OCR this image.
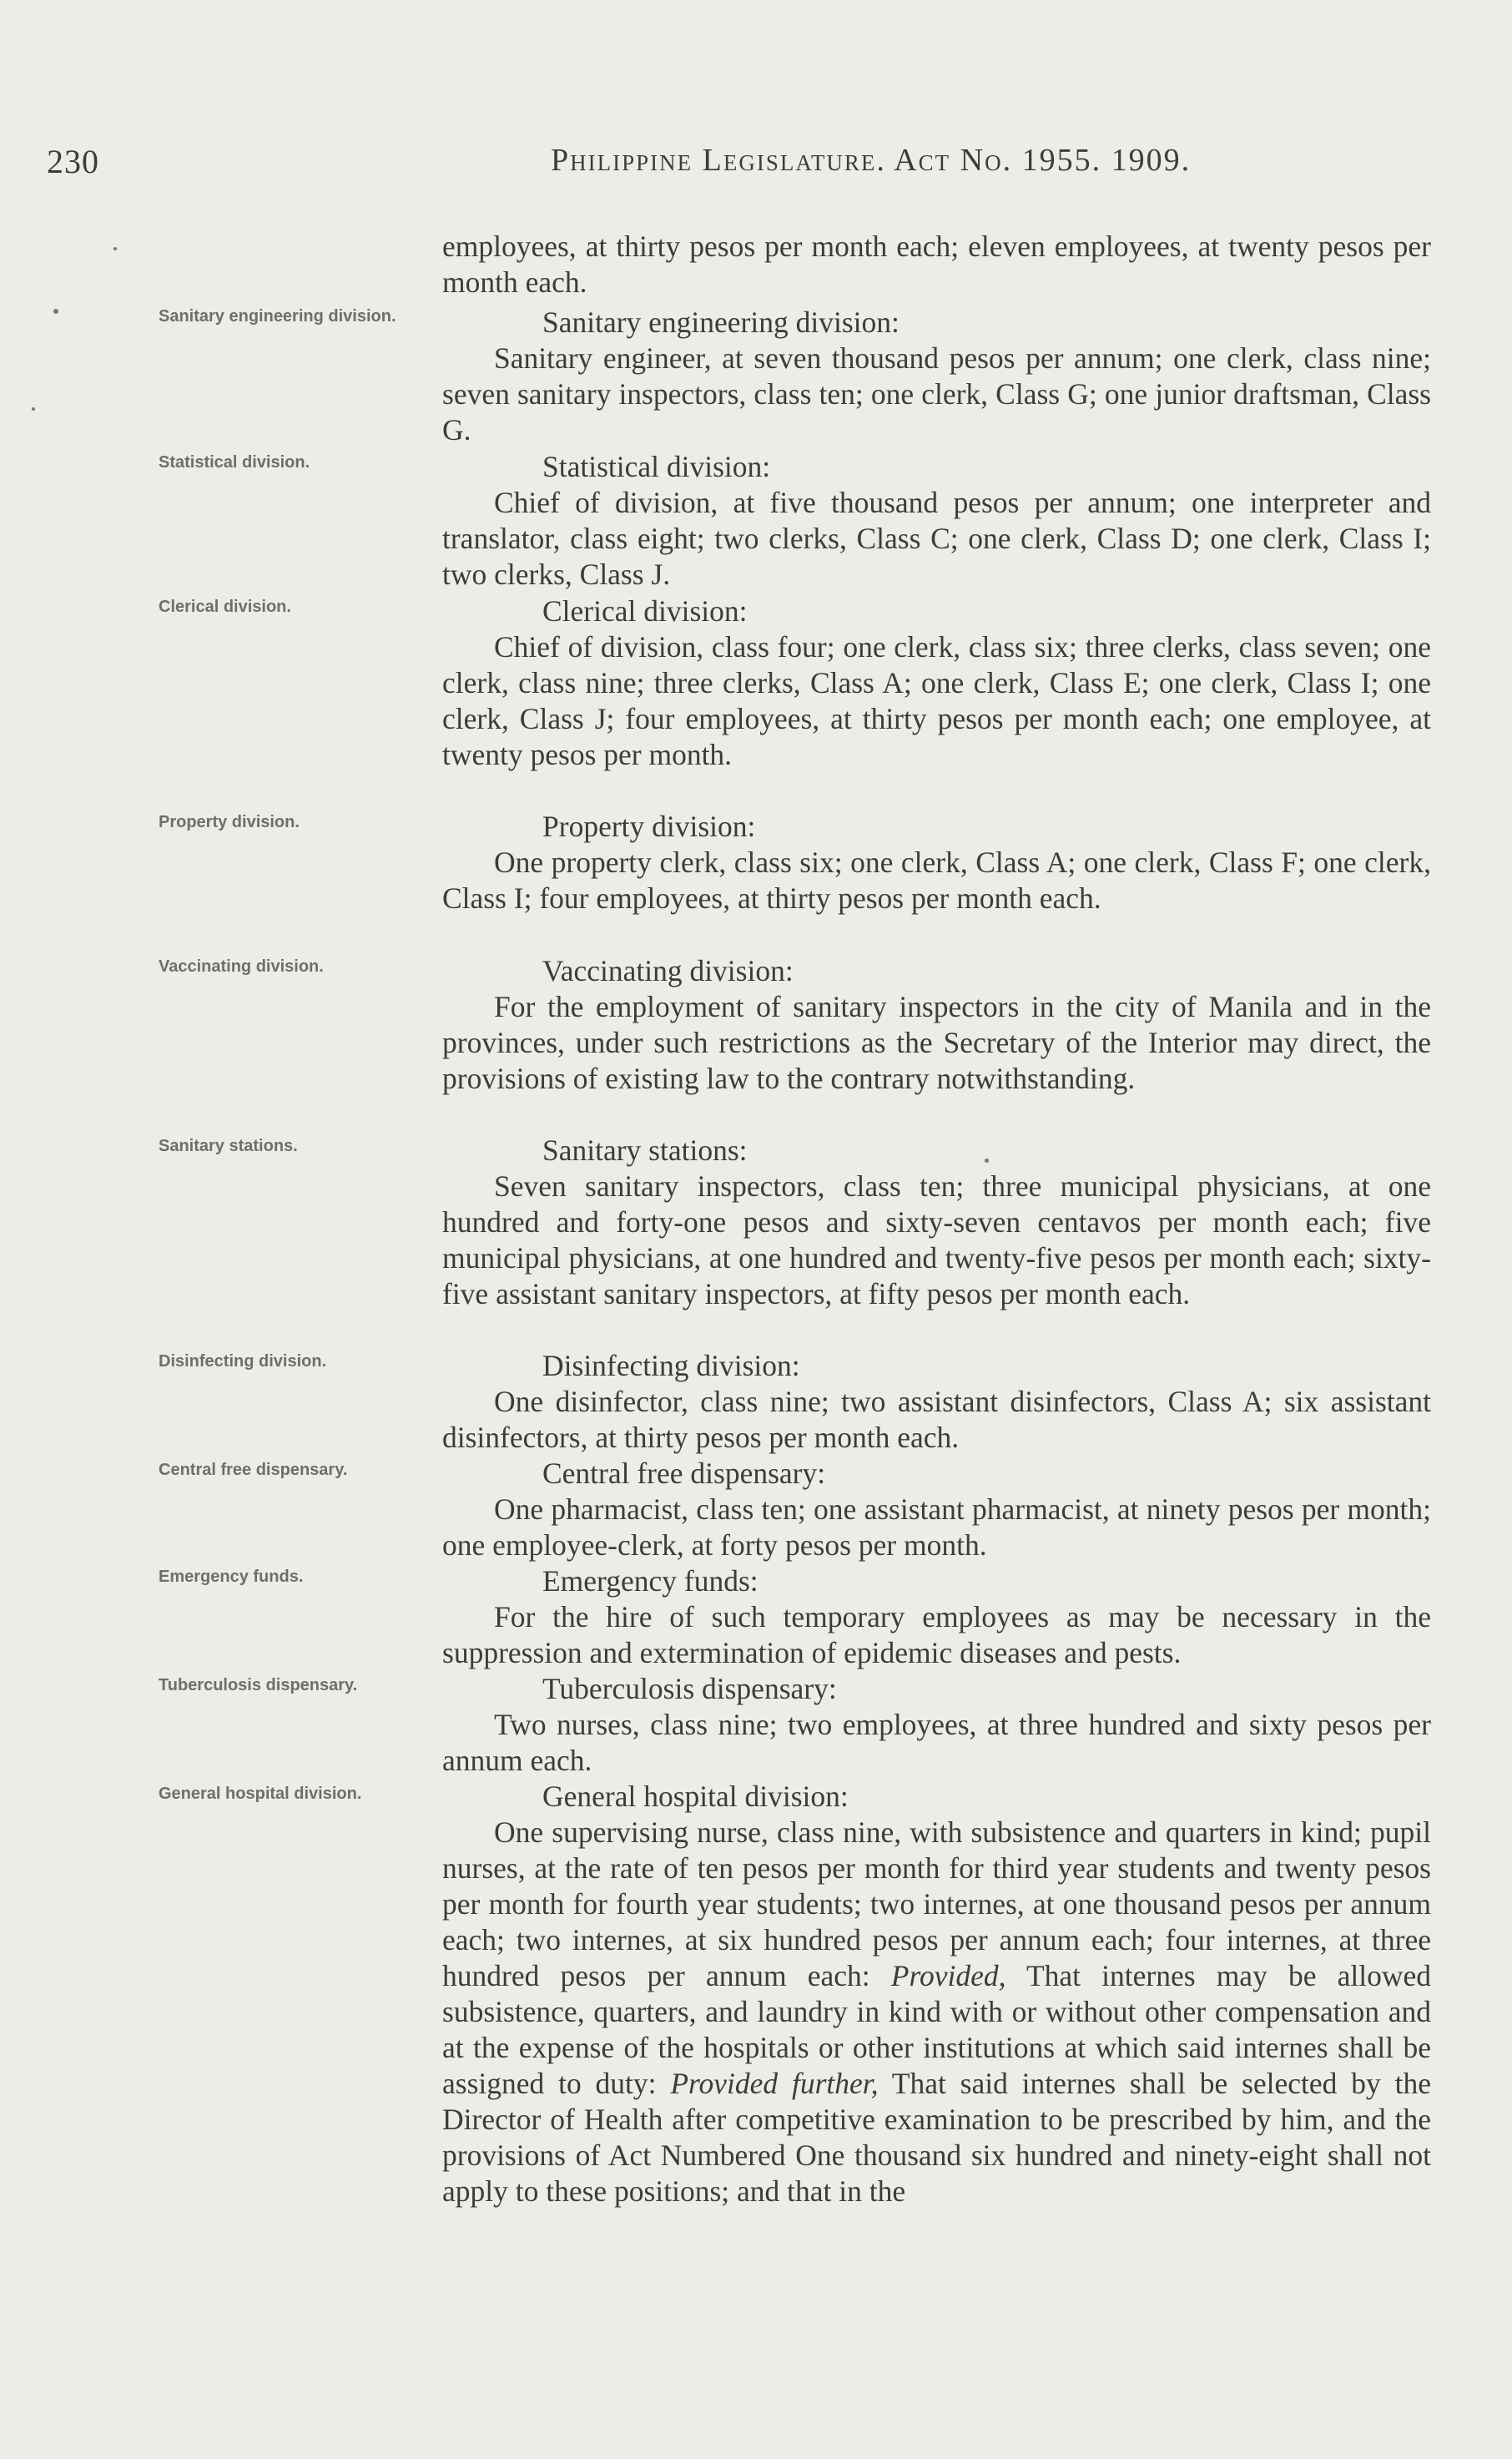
230	Philippine Legislature. Act No. 1955. 1909.

employees, at thirty pesos per month each; eleven employees, at twenty pesos per month each.

Sanitary engineering division.	Sanitary engineering division:

Sanitary engineer, at seven thousand pesos per annum; one clerk, class nine; seven sanitary inspectors, class ten; one clerk, Class G; one junior draftsman, Class G.

Statistical division.	Statistical division:

Chief of division, at five thousand pesos per annum; one interpreter and translator, class eight; two clerks, Class C; one clerk, Class D; one clerk, Class I; two clerks, Class J.

Clerical division.	Clerical division:

Chief of division, class four; one clerk, class six; three clerks, class seven; one clerk, class nine; three clerks, Class A; one clerk, Class E; one clerk, Class I; one clerk, Class J; four employees, at thirty pesos per month each; one employee, at twenty pesos per month.

Property division.	Property division:

One property clerk, class six; one clerk, Class A; one clerk, Class F; one clerk, Class I; four employees, at thirty pesos per month each.

Vaccinating division.	Vaccinating division:

For the employment of sanitary inspectors in the city of Manila and in the provinces, under such restrictions as the Secretary of the Interior may direct, the provisions of existing law to the contrary notwithstanding.

Sanitary stations.	Sanitary stations:

Seven sanitary inspectors, class ten; three municipal physicians, at one hundred and forty-one pesos and sixty-seven centavos per month each; five municipal physicians, at one hundred and twenty-five pesos per month each; sixty-five assistant sanitary inspectors, at fifty pesos per month each.

Disinfecting division.	Disinfecting division:

One disinfector, class nine; two assistant disinfectors, Class A; six assistant disinfectors, at thirty pesos per month each.

Central free dispensary.	Central free dispensary:

One pharmacist, class ten; one assistant pharmacist, at ninety pesos per month; one employee-clerk, at forty pesos per month.

Emergency funds.	Emergency funds:

For the hire of such temporary employees as may be necessary in the suppression and extermination of epidemic diseases and pests.

Tuberculosis dispensary.	Tuberculosis dispensary:

Two nurses, class nine; two employees, at three hundred and sixty pesos per annum each.

General hospital division.	General hospital division:

One supervising nurse, class nine, with subsistence and quarters in kind; pupil nurses, at the rate of ten pesos per month for third year students and twenty pesos per month for fourth year students; two internes, at one thousand pesos per annum each; two internes, at six hundred pesos per annum each; four internes, at three hundred pesos per annum each: Provided, That internes may be allowed subsistence, quarters, and laundry in kind with or without other compensation and at the expense of the hospitals or other institutions at which said internes shall be assigned to duty: Provided further, That said internes shall be selected by the Director of Health after competitive examination to be prescribed by him, and the provisions of Act Numbered One thousand six hundred and ninety-eight shall not apply to these positions; and that in the
